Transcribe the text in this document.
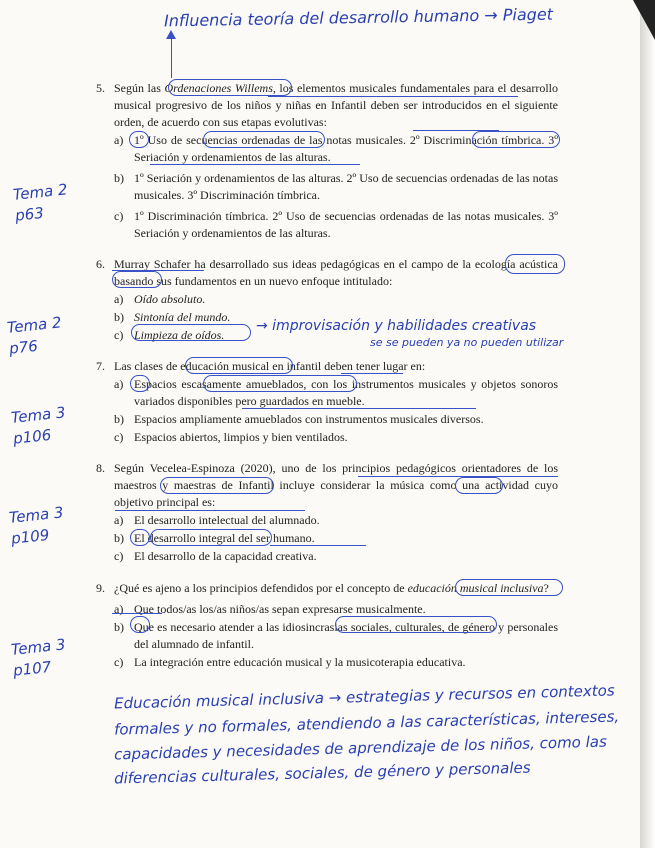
Influencia teoría del desarrollo humano → Piaget
5. Según las Ordenaciones Willems, los elementos musicales fundamentales para el desarrollo musical progresivo de los niños y niñas en Infantil deben ser introducidos en el siguiente orden, de acuerdo con sus etapas evolutivas:
a) 1º Uso de secuencias ordenadas de las notas musicales. 2º Discriminación tímbrica. 3º Seriación y ordenamientos de las alturas.
b) 1º Seriación y ordenamientos de las alturas. 2º Uso de secuencias ordenadas de las notas musicales. 3º Discriminación tímbrica.
c) 1º Discriminación tímbrica. 2º Uso de secuencias ordenadas de las notas musicales. 3º Seriación y ordenamientos de las alturas.
Tema 2
p63
6. Murray Schafer ha desarrollado sus ideas pedagógicas en el campo de la ecología acústica basando sus fundamentos en un nuevo enfoque intitulado:
a) Oído absoluto.
b) Sintonía del mundo.
c) Limpieza de oídos.
→ improvisación y habilidades creativas
se se pueden ya no pueden utilizar
Tema 2
p76
7. Las clases de educación musical en infantil deben tener lugar en:
a) Espacios escasamente amueblados, con los instrumentos musicales y objetos sonoros variados disponibles pero guardados en mueble.
b) Espacios ampliamente amueblados con instrumentos musicales diversos.
c) Espacios abiertos, limpios y bien ventilados.
Tema 3
p106
8. Según Vecelea-Espinoza (2020), uno de los principios pedagógicos orientadores de los maestros y maestras de Infantil incluye considerar la música como una actividad cuyo objetivo principal es:
a) El desarrollo intelectual del alumnado.
b) El desarrollo integral del ser humano.
c) El desarrollo de la capacidad creativa.
Tema 3
p109
9. ¿Qué es ajeno a los principios defendidos por el concepto de educación musical inclusiva?
a) Que todos/as los/as niños/as sepan expresarse musicalmente.
b) Que es necesario atender a las idiosincrasias sociales, culturales, de género y personales del alumnado de infantil.
c) La integración entre educación musical y la musicoterapia educativa.
Tema 3
p107
Educación musical inclusiva → estrategias y recursos en contextos
formales y no formales, atendiendo a las características, intereses,
capacidades y necesidades de aprendizaje de los niños, como las
diferencias culturales, sociales, de género y personales
